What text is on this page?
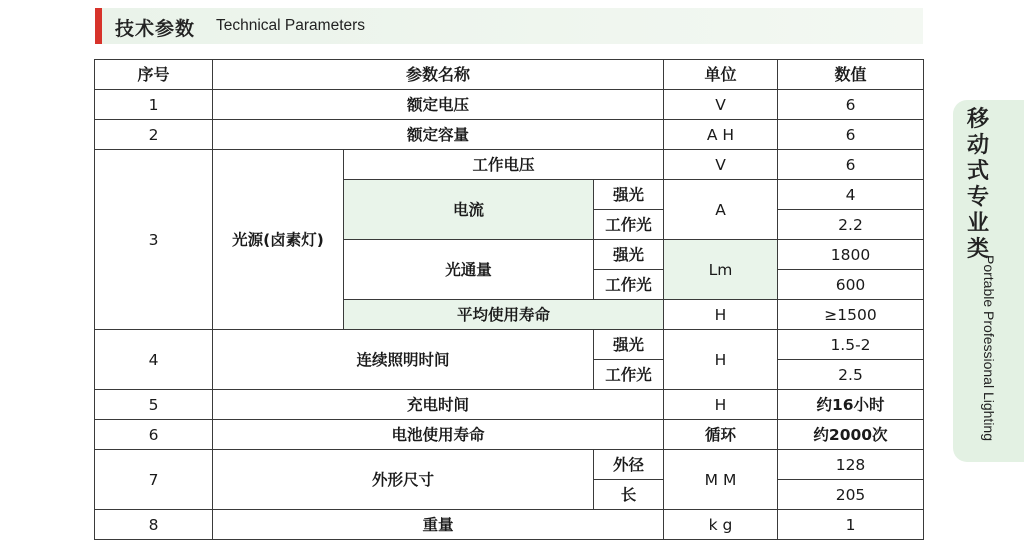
技术参数 Technical Parameters
序号	参数名称			单位	数值
1	额定电压			V	6
2	额定容量			A H	6
3	光源(卤素灯)	工作电压		V	6
		电流	强光	A	4
			工作光		2.2
		光通量	强光	Lm	1800
			工作光		600
		平均使用寿命		H	≥1500
4	连续照明时间		强光	H	1.5-2
			工作光		2.5
5	充电时间			H	约16小时
6	电池使用寿命			循环	约2000次
7	外形尺寸		外径	M M	128
			长		205
8	重量			k g	1
移
动
式
专
业
类
Portable Professional Lighting
